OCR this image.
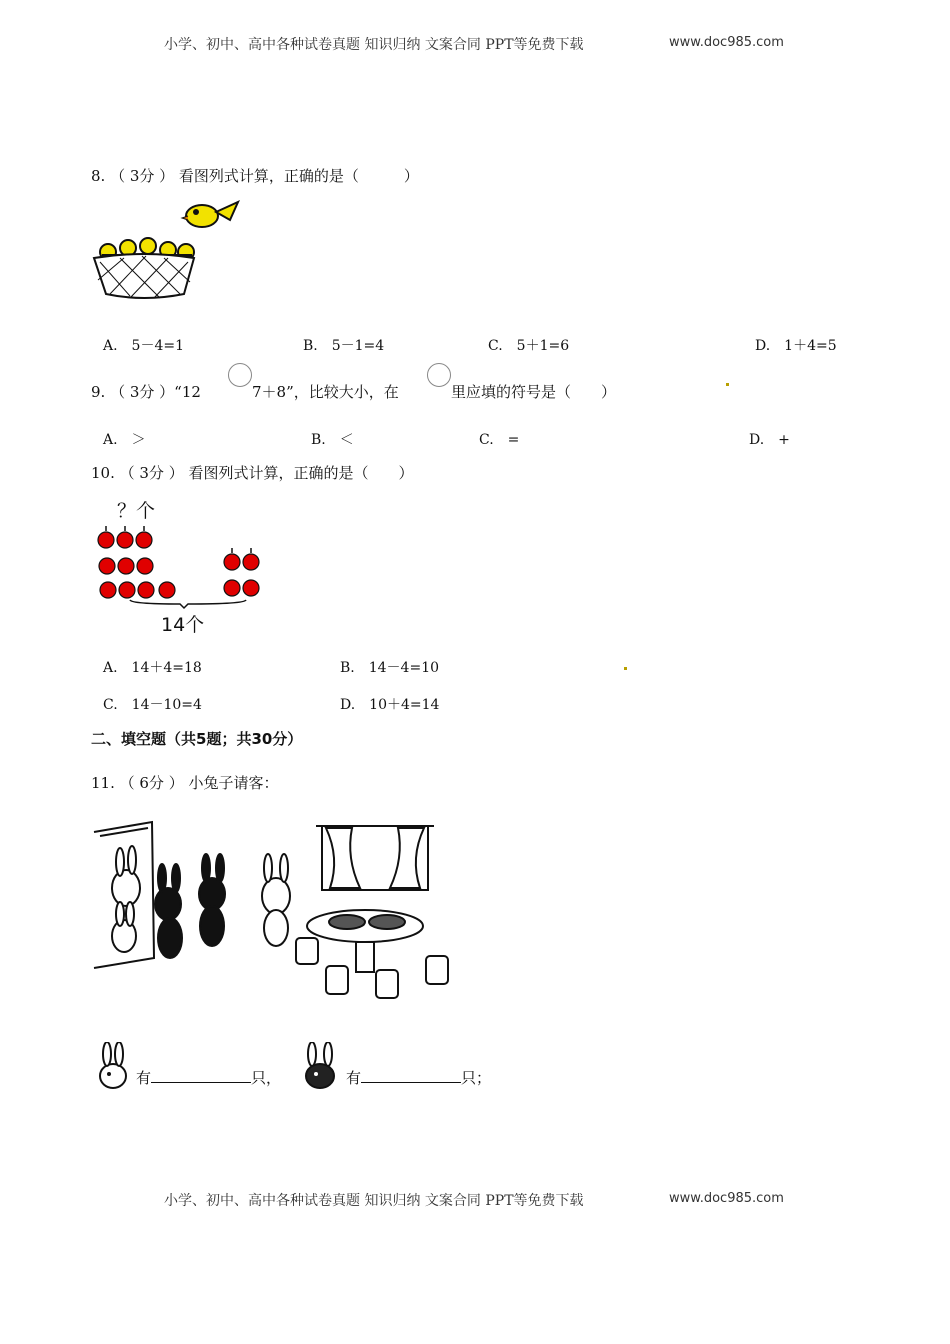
小学、初中、高中各种试卷真题 知识归纳 文案合同 PPT等免费下载	www.doc985.com
8. （ 3分 ） 看图列式计算，正确的是（　　　）
A.　5－4=1	B.　5－1=4	C.　5＋1=6	D.　1＋4=5
9. （ 3分 ）“12	7＋8”，比较大小，在	里应填的符号是（　　）
A.　＞	B.　＜	C.　=	D.　+
10. （ 3分 ） 看图列式计算，正确的是（　　）
？个
14个
A.　14＋4=18	B.　14－4=10
C.　14－10=4	D.　10＋4=14
二、填空题（共5题；共30分）
11. （ 6分 ） 小兔子请客：
有	只，	有	只；
小学、初中、高中各种试卷真题 知识归纳 文案合同 PPT等免费下载	www.doc985.com
